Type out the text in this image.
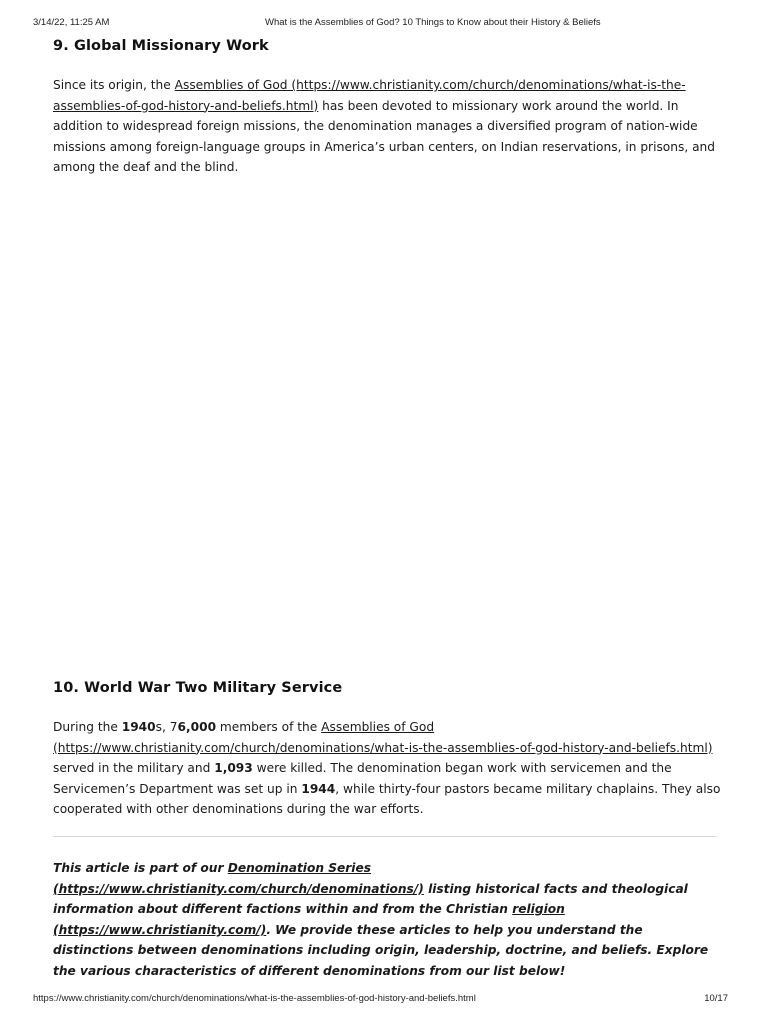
3/14/22, 11:25 AM	What is the Assemblies of God? 10 Things to Know about their History & Beliefs
9. Global Missionary Work

Since its origin, the Assemblies of God (https://www.christianity.com/church/denominations/what-is-the-assemblies-of-god-history-and-beliefs.html) has been devoted to missionary work around the world. In addition to widespread foreign missions, the denomination manages a diversified program of nation-wide missions among foreign-language groups in America’s urban centers, on Indian reservations, in prisons, and among the deaf and the blind.

10. World War Two Military Service

During the 1940s, 76,000 members of the Assemblies of God (https://www.christianity.com/church/denominations/what-is-the-assemblies-of-god-history-and-beliefs.html) served in the military and 1,093 were killed. The denomination began work with servicemen and the Servicemen’s Department was set up in 1944, while thirty-four pastors became military chaplains. They also cooperated with other denominations during the war efforts.

This article is part of our Denomination Series (https://www.christianity.com/church/denominations/) listing historical facts and theological information about different factions within and from the Christian religion (https://www.christianity.com/). We provide these articles to help you understand the distinctions between denominations including origin, leadership, doctrine, and beliefs. Explore the various characteristics of different denominations from our list below!

https://www.christianity.com/church/denominations/what-is-the-assemblies-of-god-history-and-beliefs.html	10/17
